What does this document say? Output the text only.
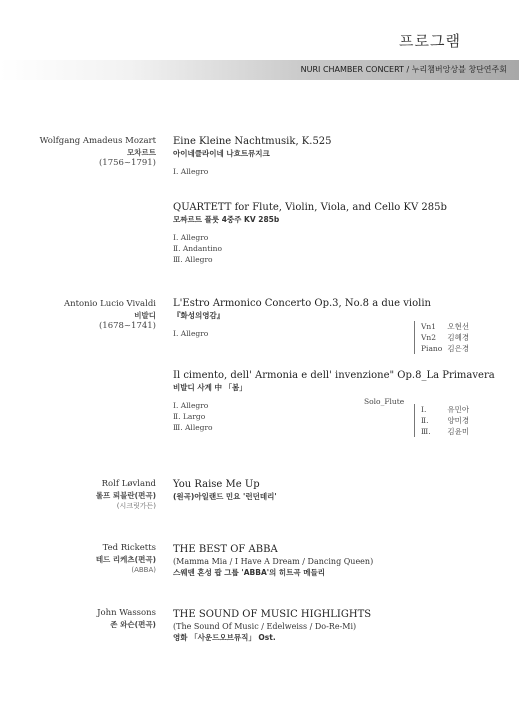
프로그램
NURI CHAMBER CONCERT / 누리챔버앙상블 창단연주회
Wolfgang Amadeus Mozart
모차르트
(1756~1791)
Eine Kleine Nachtmusik, K.525
아이네클라이네 나흐트뮤지크
Ⅰ. Allegro
QUARTETT for Flute, Violin, Viola, and Cello KV 285b
모짜르트 플룻 4중주 KV 285b
Ⅰ. Allegro
Ⅱ. Andantino
Ⅲ. Allegro
Antonio Lucio Vivaldi
비발디
(1678~1741)
L'Estro Armonico Concerto Op.3, No.8 a due violin
『화성의영감』
Ⅰ. Allegro
Vn1 오현선
Vn2 김혜경
Piano 김은경
Il cimento, dell' Armonia e dell' invenzione" Op.8_La Primavera
비발디 사계 中 「봄」
Ⅰ. Allegro
Ⅱ. Largo
Ⅲ. Allegro
Solo_Flute
Ⅰ.	유민아
Ⅱ.	양미경
Ⅲ. 김윤미
Rolf Løvland
롤프 뢰블란(편곡)
(시크릿가든)
You Raise Me Up
(원곡)아일랜드 민요 '런던데리'
Ted Ricketts
테드 리케츠(편곡)
(ABBA)
THE BEST OF ABBA
(Mamma Mia / I Have A Dream / Dancing Queen)
스웨덴 혼성 팝 그룹 'ABBA'의 히트곡 메들리
John Wassons
존 와슨(편곡)
THE SOUND OF MUSIC HIGHLIGHTS
(The Sound Of Music / Edelweiss / Do-Re-Mi)
영화 「사운드오브뮤직」 Ost.
